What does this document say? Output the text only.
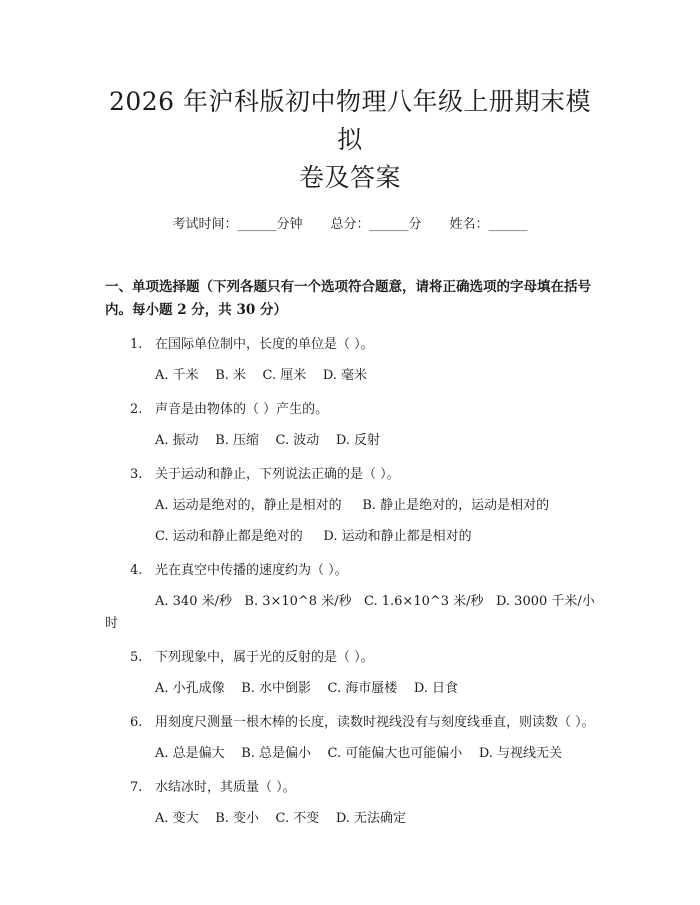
2026 年沪科版初中物理八年级上册期末模拟
卷及答案
考试时间：______分钟 总分：______分 姓名：______
一、单项选择题（下列各题只有一个选项符合题意，请将正确选项的字母填在括号内。每小题 2 分，共 30 分）
1. 在国际单位制中，长度的单位是（ ）。
A. 千米 B. 米 C. 厘米 D. 毫米
2. 声音是由物体的（ ）产生的。
A. 振动 B. 压缩 C. 波动 D. 反射
3. 关于运动和静止，下列说法正确的是（ ）。
A. 运动是绝对的，静止是相对的 B. 静止是绝对的，运动是相对的
C. 运动和静止都是绝对的 D. 运动和静止都是相对的
4. 光在真空中传播的速度约为（ ）。
A. 340 米/秒 B. 3×10^8 米/秒 C. 1.6×10^3 米/秒 D. 3000 千米/小时
5. 下列现象中，属于光的反射的是（ ）。
A. 小孔成像 B. 水中倒影 C. 海市蜃楼 D. 日食
6. 用刻度尺测量一根木棒的长度，读数时视线没有与刻度线垂直，则读数（ ）。
A. 总是偏大 B. 总是偏小 C. 可能偏大也可能偏小 D. 与视线无关
7. 水结冰时，其质量（ ）。
A. 变大 B. 变小 C. 不变 D. 无法确定
